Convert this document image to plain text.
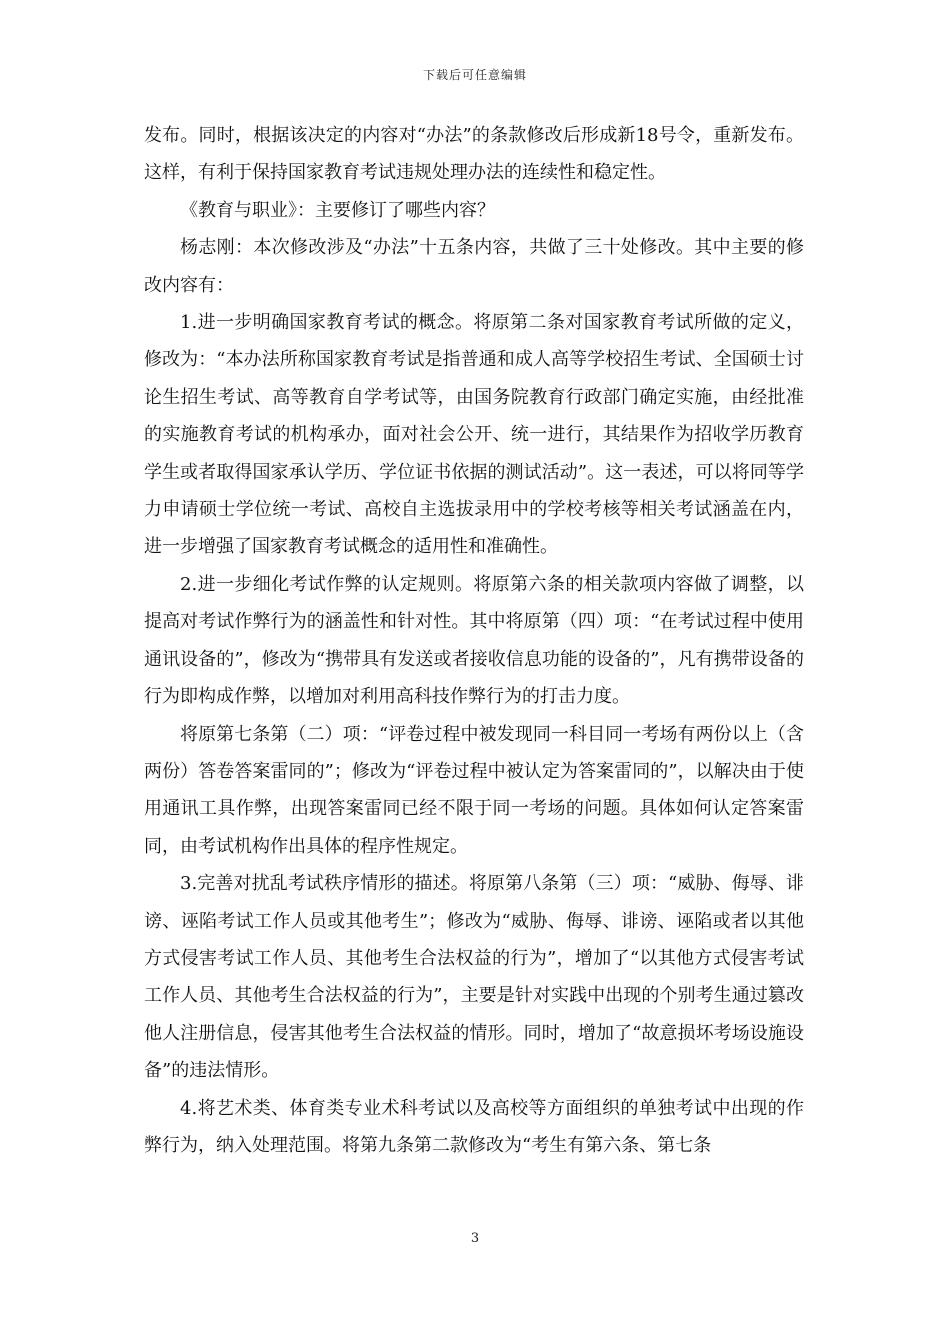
下载后可任意编辑

发布。同时，根据该决定的内容对“办法”的条款修改后形成新18号令，重新发布。这样，有利于保持国家教育考试违规处理办法的连续性和稳定性。

《教育与职业》：主要修订了哪些内容？

杨志刚：本次修改涉及“办法”十五条内容，共做了三十处修改。其中主要的修改内容有：

1.进一步明确国家教育考试的概念。将原第二条对国家教育考试所做的定义，修改为：“本办法所称国家教育考试是指普通和成人高等学校招生考试、全国硕士讨论生招生考试、高等教育自学考试等，由国务院教育行政部门确定实施，由经批准的实施教育考试的机构承办，面对社会公开、统一进行，其结果作为招收学历教育学生或者取得国家承认学历、学位证书依据的测试活动”。这一表述，可以将同等学力申请硕士学位统一考试、高校自主选拔录用中的学校考核等相关考试涵盖在内，进一步增强了国家教育考试概念的适用性和准确性。

2.进一步细化考试作弊的认定规则。将原第六条的相关款项内容做了调整，以提高对考试作弊行为的涵盖性和针对性。其中将原第（四）项：“在考试过程中使用通讯设备的”，修改为“携带具有发送或者接收信息功能的设备的”，凡有携带设备的行为即构成作弊，以增加对利用高科技作弊行为的打击力度。

将原第七条第（二）项：“评卷过程中被发现同一科目同一考场有两份以上（含两份）答卷答案雷同的”；修改为“评卷过程中被认定为答案雷同的”，以解决由于使用通讯工具作弊，出现答案雷同已经不限于同一考场的问题。具体如何认定答案雷同，由考试机构作出具体的程序性规定。

3.完善对扰乱考试秩序情形的描述。将原第八条第（三）项：“威胁、侮辱、诽谤、诬陷考试工作人员或其他考生”；修改为“威胁、侮辱、诽谤、诬陷或者以其他方式侵害考试工作人员、其他考生合法权益的行为”，增加了“以其他方式侵害考试工作人员、其他考生合法权益的行为”，主要是针对实践中出现的个别考生通过篡改他人注册信息，侵害其他考生合法权益的情形。同时，增加了“故意损坏考场设施设备”的违法情形。

4.将艺术类、体育类专业术科考试以及高校等方面组织的单独考试中出现的作弊行为，纳入处理范围。将第九条第二款修改为“考生有第六条、第七条

3
